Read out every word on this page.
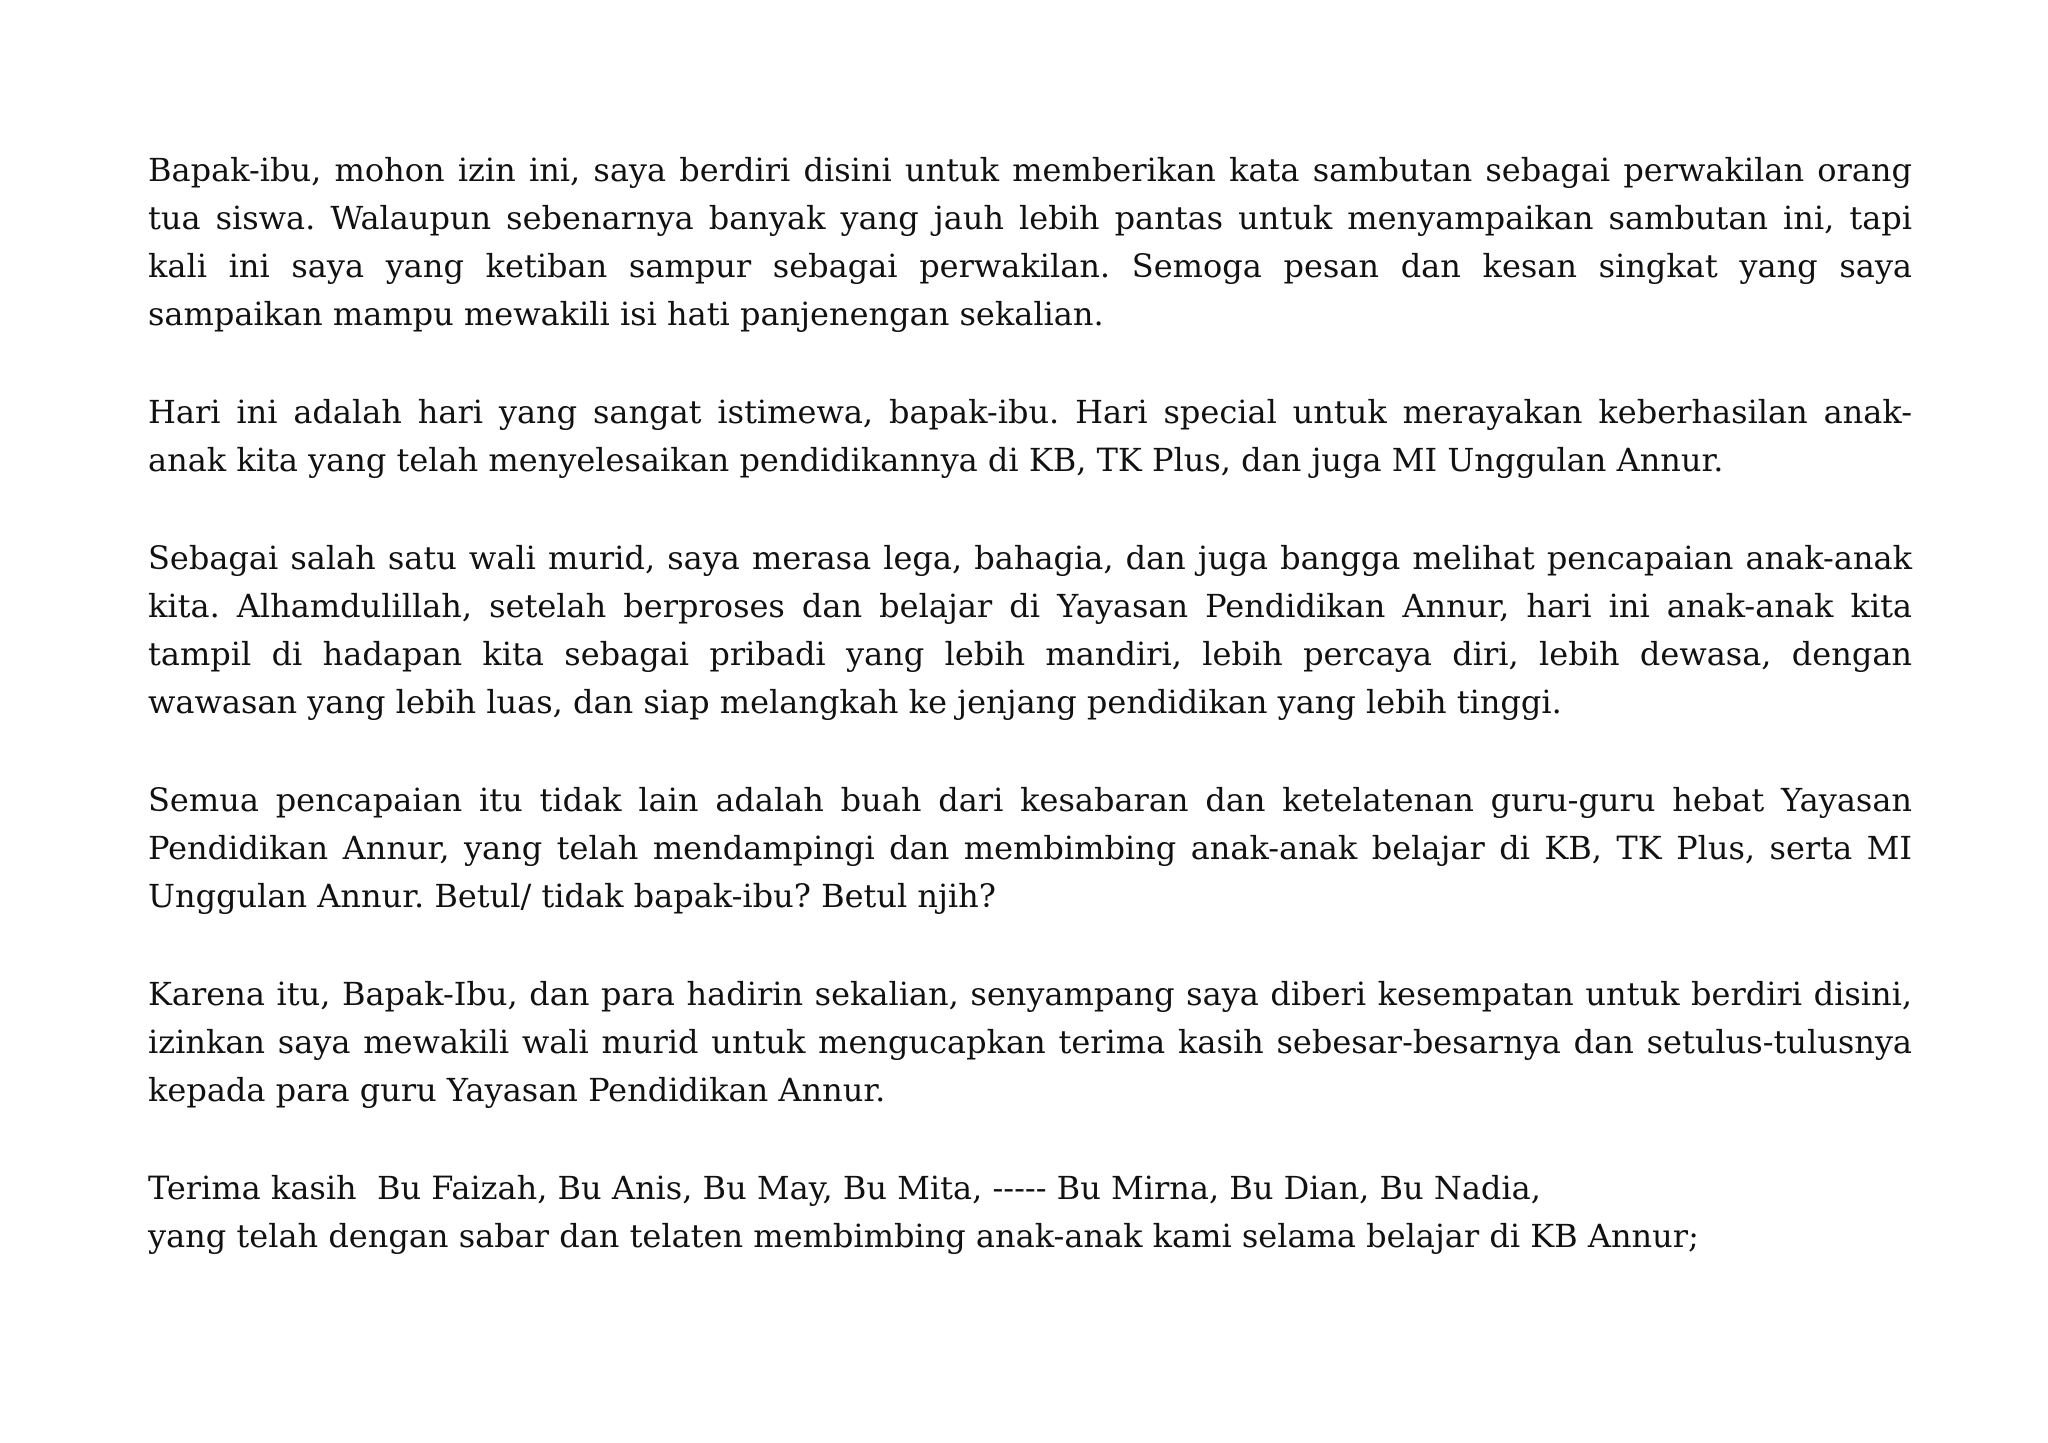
Bapak-ibu, mohon izin ini, saya berdiri disini untuk memberikan kata sambutan sebagai perwakilan orang tua siswa. Walaupun sebenarnya banyak yang jauh lebih pantas untuk menyampaikan sambutan ini, tapi kali ini saya yang ketiban sampur sebagai perwakilan. Semoga pesan dan kesan singkat yang saya sampaikan mampu mewakili isi hati panjenengan sekalian.

Hari ini adalah hari yang sangat istimewa, bapak-ibu. Hari special untuk merayakan keberhasilan anak-anak kita yang telah menyelesaikan pendidikannya di KB, TK Plus, dan juga MI Unggulan Annur.

Sebagai salah satu wali murid, saya merasa lega, bahagia, dan juga bangga melihat pencapaian anak-anak kita. Alhamdulillah, setelah berproses dan belajar di Yayasan Pendidikan Annur, hari ini anak-anak kita tampil di hadapan kita sebagai pribadi yang lebih mandiri, lebih percaya diri, lebih dewasa, dengan wawasan yang lebih luas, dan siap melangkah ke jenjang pendidikan yang lebih tinggi.

Semua pencapaian itu tidak lain adalah buah dari kesabaran dan ketelatenan guru-guru hebat Yayasan Pendidikan Annur, yang telah mendampingi dan membimbing anak-anak belajar di KB, TK Plus, serta MI Unggulan Annur. Betul/ tidak bapak-ibu? Betul njih?

Karena itu, Bapak-Ibu, dan para hadirin sekalian, senyampang saya diberi kesempatan untuk berdiri disini, izinkan saya mewakili wali murid untuk mengucapkan terima kasih sebesar-besarnya dan setulus-tulusnya kepada para guru Yayasan Pendidikan Annur.

Terima kasih  Bu Faizah, Bu Anis, Bu May, Bu Mita, ----- Bu Mirna, Bu Dian, Bu Nadia,
yang telah dengan sabar dan telaten membimbing anak-anak kami selama belajar di KB Annur;
